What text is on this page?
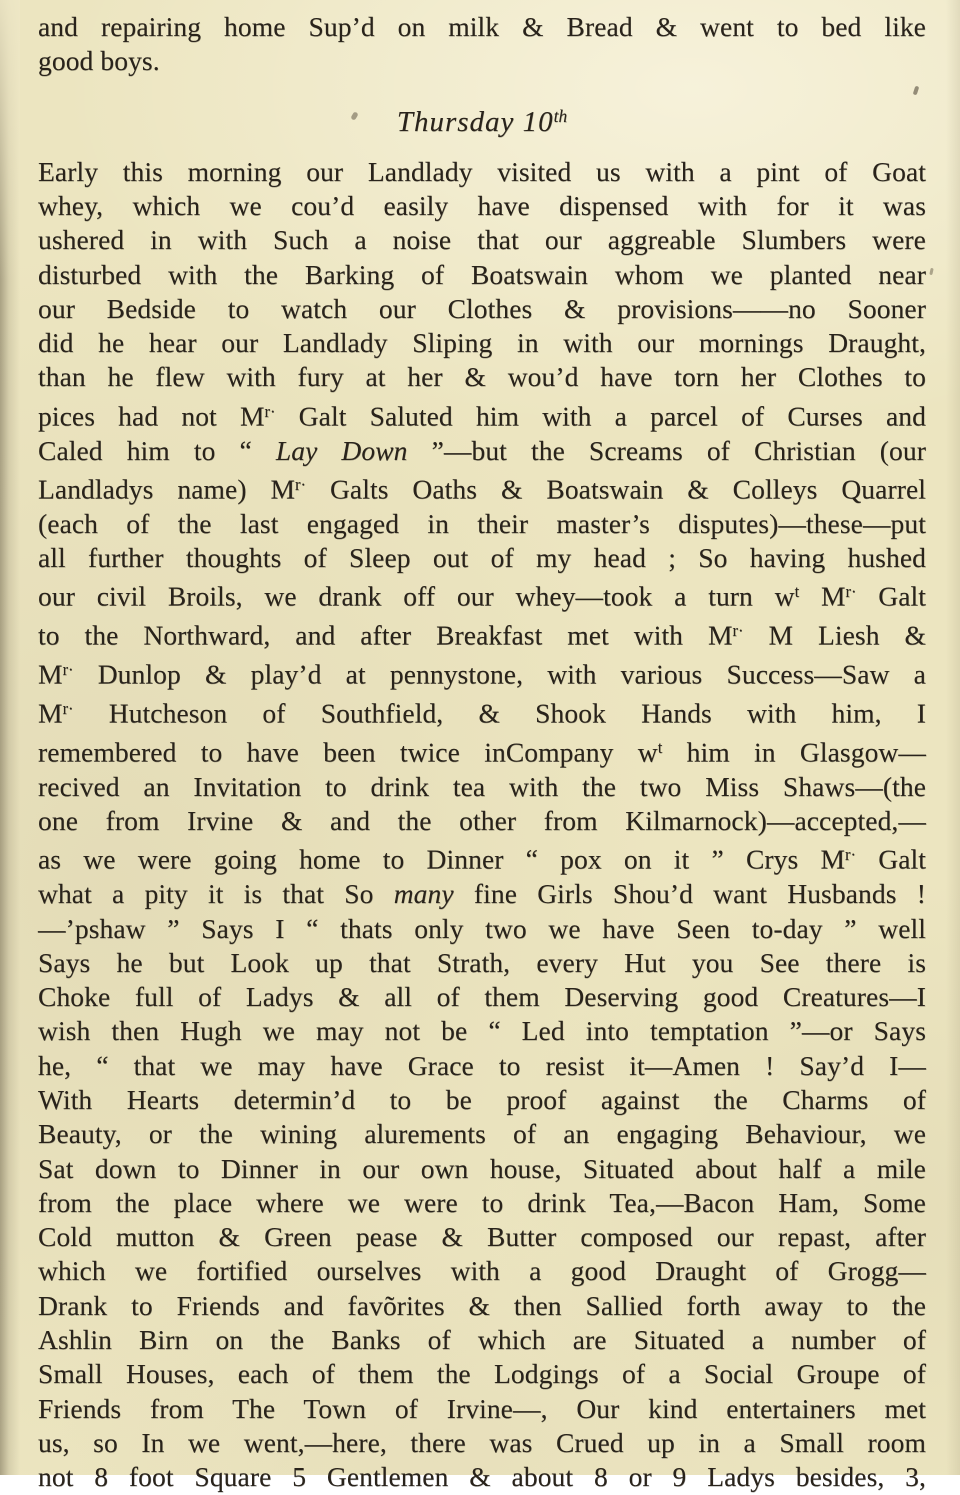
and repairing home Sup’d on milk & Bread & went to bed like
good boys.
Thursday 10th
Early this morning our Landlady visited us with a pint of Goat
whey, which we cou’d easily have dispensed with for it was
ushered in with Such a noise that our aggreable Slumbers were
disturbed with the Barking of Boatswain whom we planted near
our Bedside to watch our Clothes & provisions——no Sooner
did he hear our Landlady Sliping in with our mornings Draught,
than he flew with fury at her & wou’d have torn her Clothes to
pices had not $M^{r\cdot}$ Galt Saluted him with a parcel of Curses and
Caled him to “ Lay Down ”—but the Screams of Christian (our
Landladys name) $M^{r\cdot}$ Galts Oaths & Boatswain & Colleys Quarrel
(each of the last engaged in their master’s disputes)—these—put
all further thoughts of Sleep out of my head ; So having hushed
our civil Broils, we drank off our whey—took a turn $w^t$ $M^{r\cdot}$ Galt
to the Northward, and after Breakfast met with $M^{r\cdot}$ M Liesh &
$M^{r\cdot}$ Dunlop & play’d at pennystone, with various Success—Saw a
$M^{r\cdot}$ Hutcheson of Southfield, & Shook Hands with him, I
remembered to have been twice inCompany $w^t$ him in Glasgow—
recived an Invitation to drink tea with the two Miss Shaws—(the
one from Irvine & and the other from Kilmarnock)—accepted,—
as we were going home to Dinner “ pox on it ” Crys $M^{r\cdot}$ Galt
what a pity it is that So many fine Girls Shou’d want Husbands !
—’pshaw ” Says I “ thats only two we have Seen to-day ” well
Says he but Look up that Strath, every Hut you See there is
Choke full of Ladys & all of them Deserving good Creatures—I
wish then Hugh we may not be “ Led into temptation ”—or Says
he, “ that we may have Grace to resist it—Amen ! Say’d I—
With Hearts determin’d to be proof against the Charms of
Beauty, or the wining alurements of an engaging Behaviour, we
Sat down to Dinner in our own house, Situated about half a mile
from the place where we were to drink Tea,—Bacon Ham, Some
Cold mutton & Green pease & Butter composed our repast, after
which we fortified ourselves with a good Draught of Grogg—
Drank to Friends and favõrites & then Sallied forth away to the
Ashlin Birn on the Banks of which are Situated a number of
Small Houses, each of them the Lodgings of a Social Groupe of
Friends from The Town of Irvine—, Our kind entertainers met
us, so In we went,—here, there was Crued up in a Small room
not 8 foot Square 5 Gentlemen & about 8 or 9 Ladys besides, 3,
